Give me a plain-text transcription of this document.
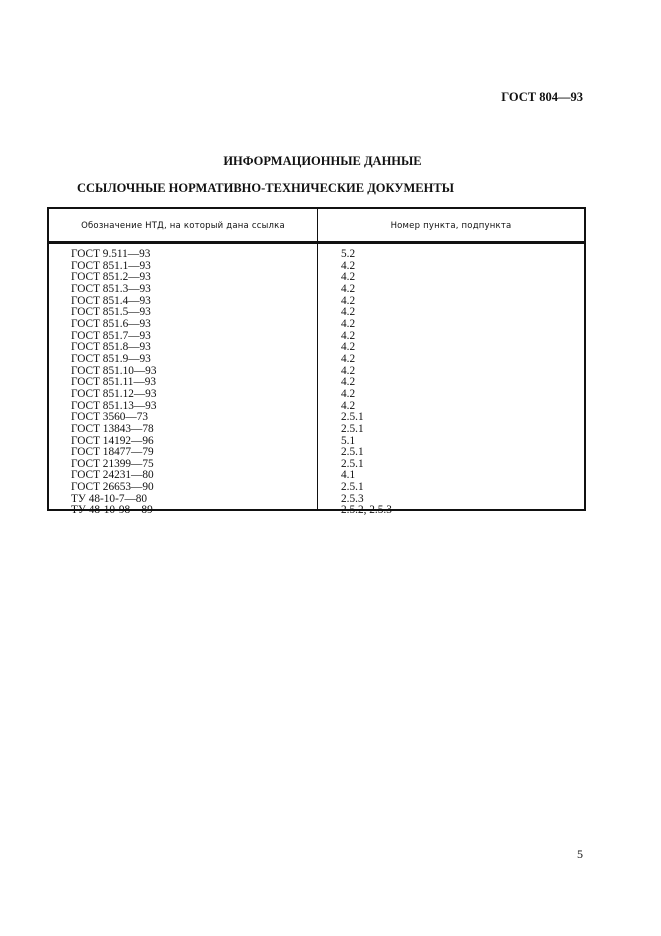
ГОСТ 804—93
ИНФОРМАЦИОННЫЕ ДАННЫЕ
ССЫЛОЧНЫЕ НОРМАТИВНО-ТЕХНИЧЕСКИЕ ДОКУМЕНТЫ
Обозначение НТД, на который дана ссылка	Номер пункта, подпункта
ГОСТ 9.511—93
ГОСТ 851.1—93
ГОСТ 851.2—93
ГОСТ 851.3—93
ГОСТ 851.4—93
ГОСТ 851.5—93
ГОСТ 851.6—93
ГОСТ 851.7—93
ГОСТ 851.8—93
ГОСТ 851.9—93
ГОСТ 851.10—93
ГОСТ 851.11—93
ГОСТ 851.12—93
ГОСТ 851.13—93
ГОСТ 3560—73
ГОСТ 13843—78
ГОСТ 14192—96
ГОСТ 18477—79
ГОСТ 21399—75
ГОСТ 24231—80
ГОСТ 26653—90
ТУ 48-10-7—80
ТУ 48-10-98—89
5.2
4.2
4.2
4.2
4.2
4.2
4.2
4.2
4.2
4.2
4.2
4.2
4.2
4.2
2.5.1
2.5.1
5.1
2.5.1
2.5.1
4.1
2.5.1
2.5.3
2.5.2, 2.5.3
5
